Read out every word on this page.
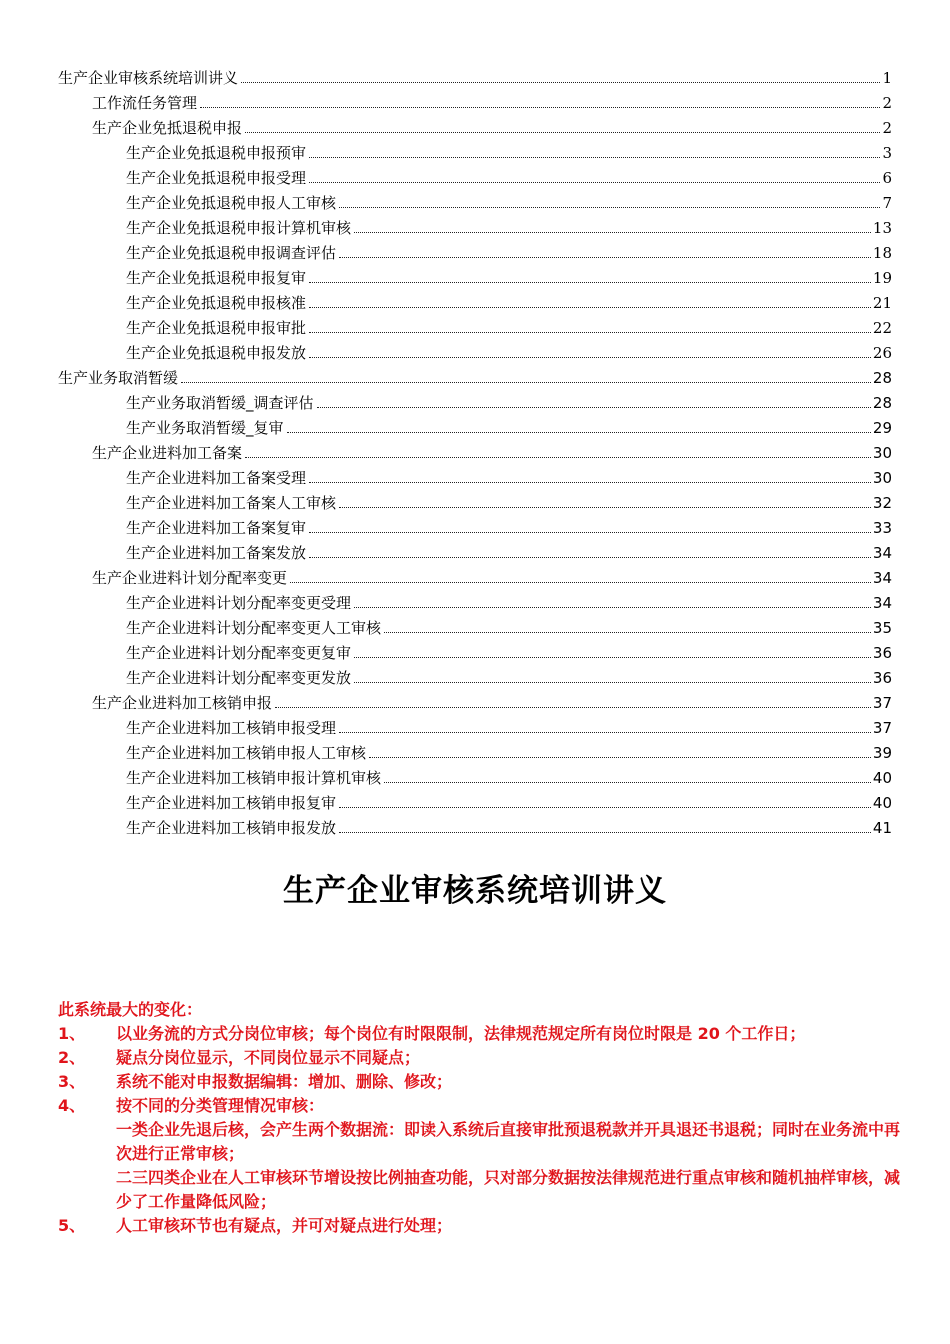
生产企业审核系统培训讲义	1
工作流任务管理	2
生产企业免抵退税申报	2
生产企业免抵退税申报预审	3
生产企业免抵退税申报受理	6
生产企业免抵退税申报人工审核	7
生产企业免抵退税申报计算机审核	13
生产企业免抵退税申报调查评估	18
生产企业免抵退税申报复审	19
生产企业免抵退税申报核准	21
生产企业免抵退税申报审批	22
生产企业免抵退税申报发放	26
生产业务取消暂缓	28
生产业务取消暂缓_调查评估	28
生产业务取消暂缓_复审	29
生产企业进料加工备案	30
生产企业进料加工备案受理	30
生产企业进料加工备案人工审核	32
生产企业进料加工备案复审	33
生产企业进料加工备案发放	34
生产企业进料计划分配率变更	34
生产企业进料计划分配率变更受理	34
生产企业进料计划分配率变更人工审核	35
生产企业进料计划分配率变更复审	36
生产企业进料计划分配率变更发放	36
生产企业进料加工核销申报	37
生产企业进料加工核销申报受理	37
生产企业进料加工核销申报人工审核	39
生产企业进料加工核销申报计算机审核	40
生产企业进料加工核销申报复审	40
生产企业进料加工核销申报发放	41
生产企业审核系统培训讲义
此系统最大的变化：
1、	以业务流的方式分岗位审核；每个岗位有时限限制，法律规范规定所有岗位时限是 20 个工作日；
2、	疑点分岗位显示，不同岗位显示不同疑点；
3、	系统不能对申报数据编辑：增加、删除、修改；
4、	按不同的分类管理情况审核：
一类企业先退后核，会产生两个数据流：即读入系统后直接审批预退税款并开具退还书退税；同时在业务流中再次进行正常审核；
二三四类企业在人工审核环节增设按比例抽查功能，只对部分数据按法律规范进行重点审核和随机抽样审核，减少了工作量降低风险；
5、	人工审核环节也有疑点，并可对疑点进行处理；
